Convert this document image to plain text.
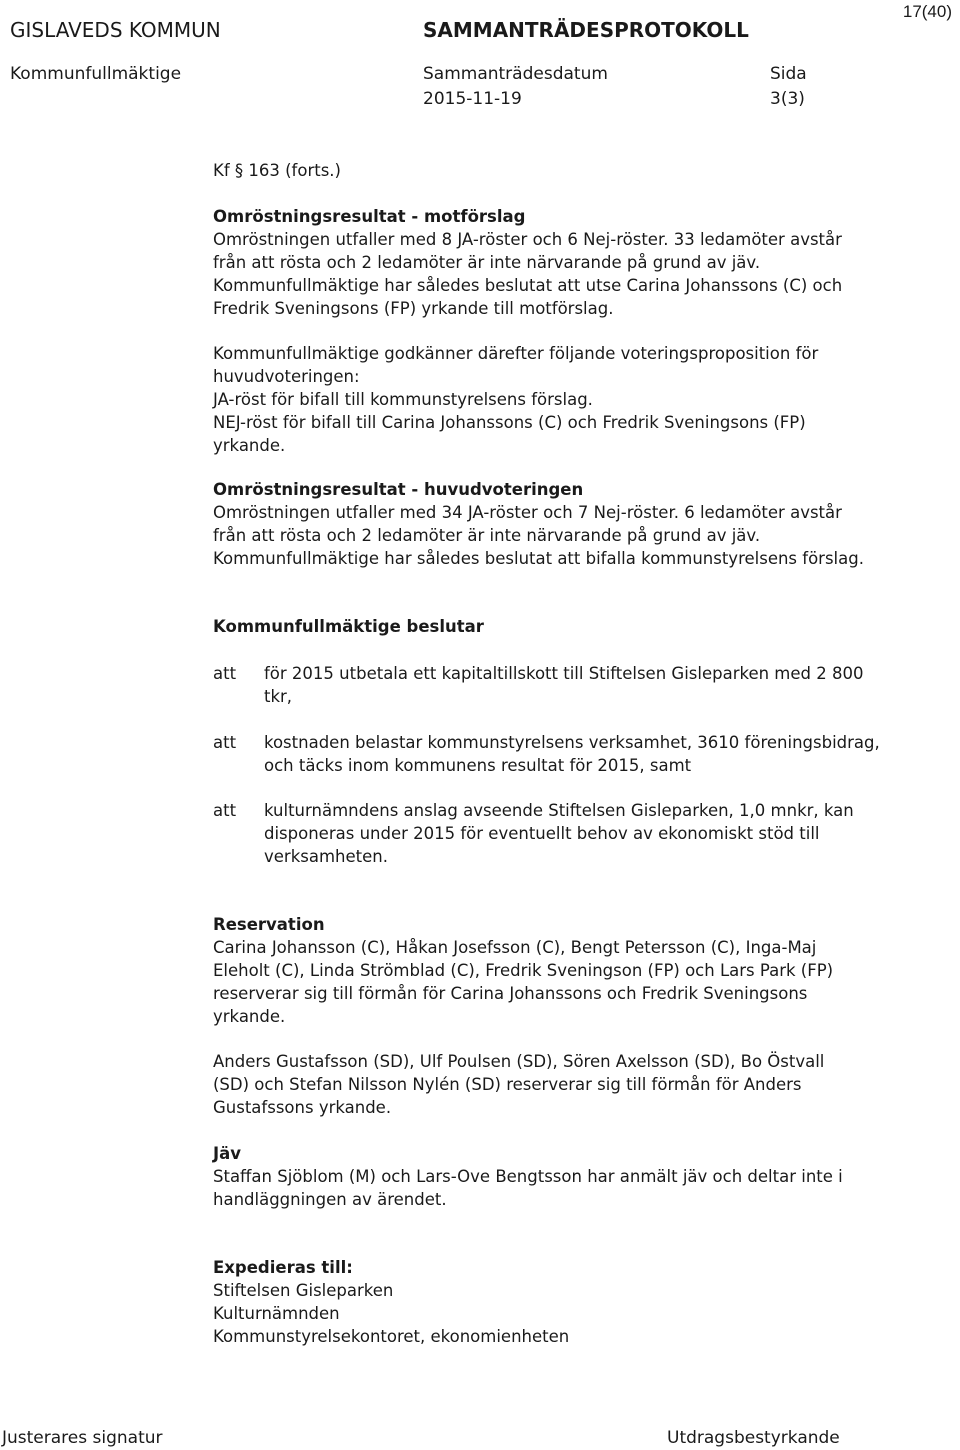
17(40)
GISLAVEDS KOMMUN	SAMMANTRÄDESPROTOKOLL
Kommunfullmäktige	Sammanträdesdatum	Sida
2015-11-19	3(3)
Kf § 163 (forts.)
Omröstningsresultat - motförslag
Omröstningen utfaller med 8 JA-röster och 6 Nej-röster. 33 ledamöter avstår
från att rösta och 2 ledamöter är inte närvarande på grund av jäv.
Kommunfullmäktige har således beslutat att utse Carina Johanssons (C) och
Fredrik Sveningsons (FP) yrkande till motförslag.
Kommunfullmäktige godkänner därefter följande voteringsproposition för
huvudvoteringen:
JA-röst för bifall till kommunstyrelsens förslag.
NEJ-röst för bifall till Carina Johanssons (C) och Fredrik Sveningsons (FP)
yrkande.
Omröstningsresultat - huvudvoteringen
Omröstningen utfaller med 34 JA-röster och 7 Nej-röster. 6 ledamöter avstår
från att rösta och 2 ledamöter är inte närvarande på grund av jäv.
Kommunfullmäktige har således beslutat att bifalla kommunstyrelsens förslag.
Kommunfullmäktige beslutar
att för 2015 utbetala ett kapitaltillskott till Stiftelsen Gisleparken med 2 800
tkr,
att kostnaden belastar kommunstyrelsens verksamhet, 3610 föreningsbidrag,
och täcks inom kommunens resultat för 2015, samt
att kulturnämndens anslag avseende Stiftelsen Gisleparken, 1,0 mnkr, kan
disponeras under 2015 för eventuellt behov av ekonomiskt stöd till
verksamheten.
Reservation
Carina Johansson (C), Håkan Josefsson (C), Bengt Petersson (C), Inga-Maj
Eleholt (C), Linda Strömblad (C), Fredrik Sveningson (FP) och Lars Park (FP)
reserverar sig till förmån för Carina Johanssons och Fredrik Sveningsons
yrkande.
Anders Gustafsson (SD), Ulf Poulsen (SD), Sören Axelsson (SD), Bo Östvall
(SD) och Stefan Nilsson Nylén (SD) reserverar sig till förmån för Anders
Gustafssons yrkande.
Jäv
Staffan Sjöblom (M) och Lars-Ove Bengtsson har anmält jäv och deltar inte i
handläggningen av ärendet.
Expedieras till:
Stiftelsen Gisleparken
Kulturnämnden
Kommunstyrelsekontoret, ekonomienheten
Justerares signatur	Utdragsbestyrkande
